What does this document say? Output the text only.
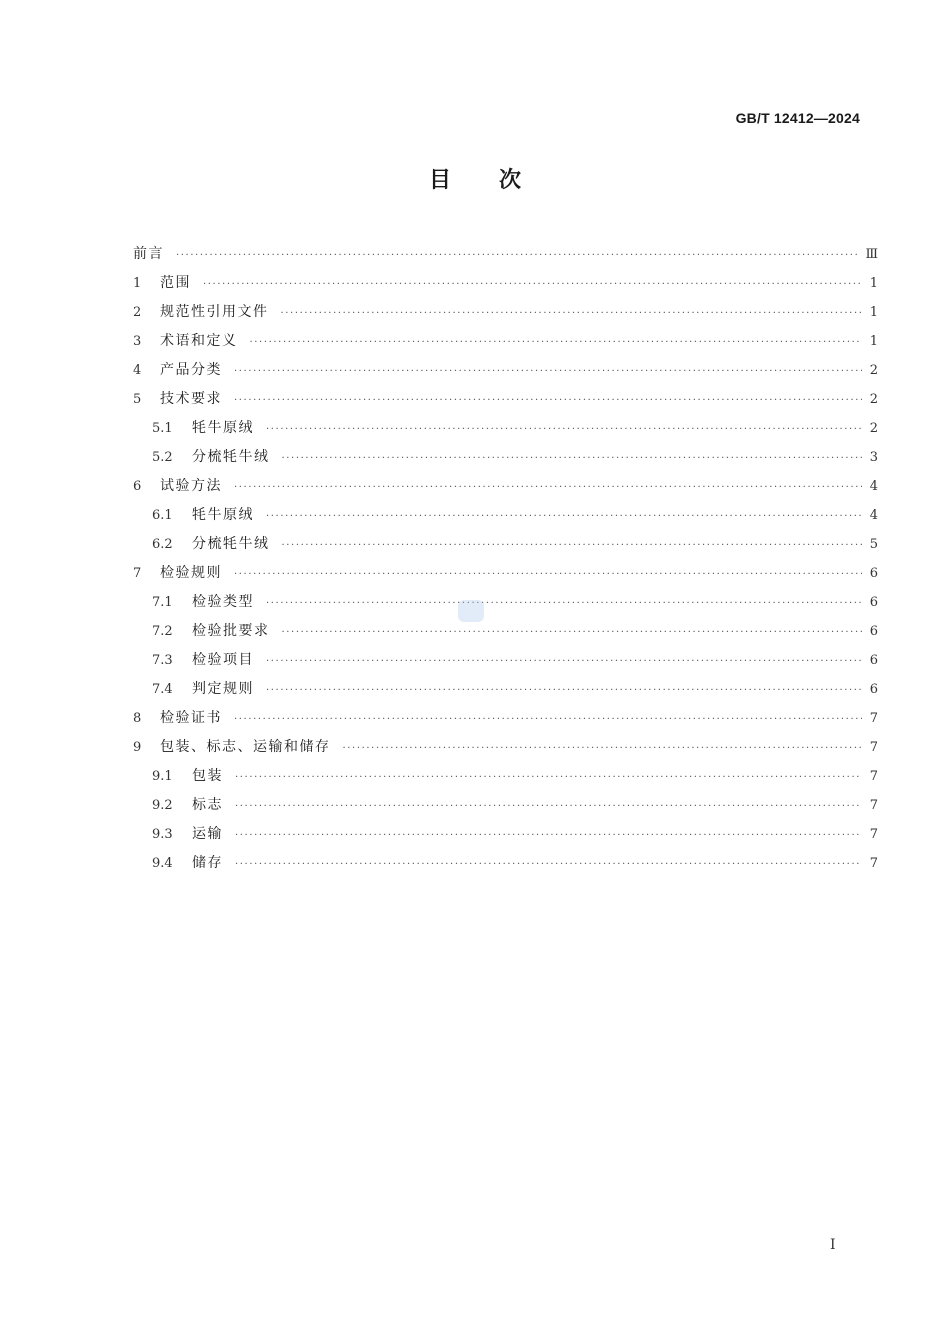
GB/T 12412—2024
目次
前言 ·····	Ⅲ
1	范围 ·····	1
2	规范性引用文件 ·····	1
3	术语和定义 ·····	1
4	产品分类 ·····	2
5	技术要求 ·····	2
5.1	牦牛原绒 ·····	2
5.2	分梳牦牛绒 ·····	3
6	试验方法 ·····	4
6.1	牦牛原绒 ·····	4
6.2	分梳牦牛绒 ·····	5
7	检验规则 ·····	6
7.1	检验类型 ·····	6
7.2	检验批要求 ·····	6
7.3	检验项目 ·····	6
7.4	判定规则 ·····	6
8	检验证书 ·····	7
9	包装、标志、运输和储存 ·····	7
9.1	包装 ·····	7
9.2	标志 ·····	7
9.3	运输 ·····	7
9.4	储存 ·····	7
Ⅰ
